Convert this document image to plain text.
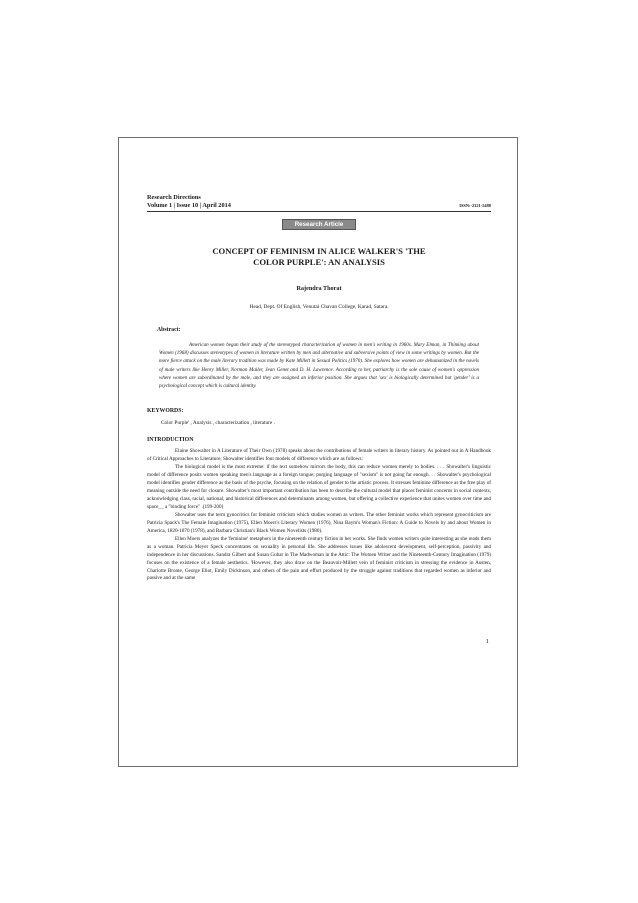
Research Directions
Volume 1 | Issue 10 | April 2014	ISSN:-2321-5488
Research Article
CONCEPT OF FEMINISM IN ALICE WALKER'S 'THE
COLOR PURPLE': AN ANALYSIS
Rajendra Thorat
Head, Dept. Of English, Venutai Chavan College, Karad, Satara.
Abstract:
American women began their study of the stereotyped characterization of women in men's writing in 1960s. Mary Elman, in Thinking about Women (1968) discusses stereotypes of women in literature written by men and alternative and subversive points of view in some writings by women. But the more fierce attack on the male literary tradition was made by Kate Millett in Sexual Politics (1970). She explores how women are dehumanized in the novels of male writers like Henry Miller, Norman Mailer, Jean Genet and D. H. Lawrence. According to her, patriarchy is the sole cause of women's oppression where women are subordinated by the male, and they are assigned an inferior position. She argues that 'sex' is biologically determined but 'gender' is a psychological concept which is cultural identity.
KEYWORDS:
Color Purple' , Analysis , characterization , literature .
INTRODUCTION

Elaine Showalter in A Literature of Their Own (1978) speaks about the contributions of female writers in literary history. As pointed out in A Handbook of Critical Approaches to Literature, Showalter identifies four models of difference which are as follows:

The biological model is the most extreme: if the text somehow mirrors the body, this can reduce women merely to bodies. . . . Showalter's linguistic model of difference posits women speaking men's language as a foreign tongue; purging language of "sexism" is not going far enough. . . Showalter's psychological model identifies gender difference as the basis of the psyche, focusing on the relation of gender to the artistic process. It stresses feminine difference as the free play of meaning outside the need for closure. Showalter's most important contribution has been to describe the cultural model that places feminist concerns in social contexts, acknowledging class, racial, national, and historical differences and determinants among women, but offering a collective experience that unites women over time and space__ a "binding force" .(199-200)

Showalter uses the term gynocritics for feminist criticism which studies women as writers. The other feminist works which represent gynocriticism are Patricia Spack's The Female Imagination (1975), Ellen Moers's Literary Women (1976), Nina Baym's Woman's Fiction: A Guide to Novels by and about Women in America, 1820-1870 (1978), and Barbara Christian's Black Women Novelists (1980).

Ellen Moers analyzes the 'feminine' metaphors in the nineteenth century fiction in her works. She finds women writers quite interesting as she reads them as a woman. Patricia Meyer Speck concentrates on sexuality in personal life. She addresses issues like adolescent development, self-perception, passivity and independence in her discussions. Sandra Gilbert and Susan Gubar in The Madwoman in the Attic: The Women Writer and the Nineteenth-Century Imagination (1979) focuses on the existence of a female aesthetics. 'However, they also draw on the Beauvoir-Millett vein of feminist criticism in stressing the evidence in Austen, Charlotte Bronte, George Eliot, Emily Dickinson, and others of the pain and effort produced by the struggle against traditions that regarded women as inferior and passive and at the same

1
